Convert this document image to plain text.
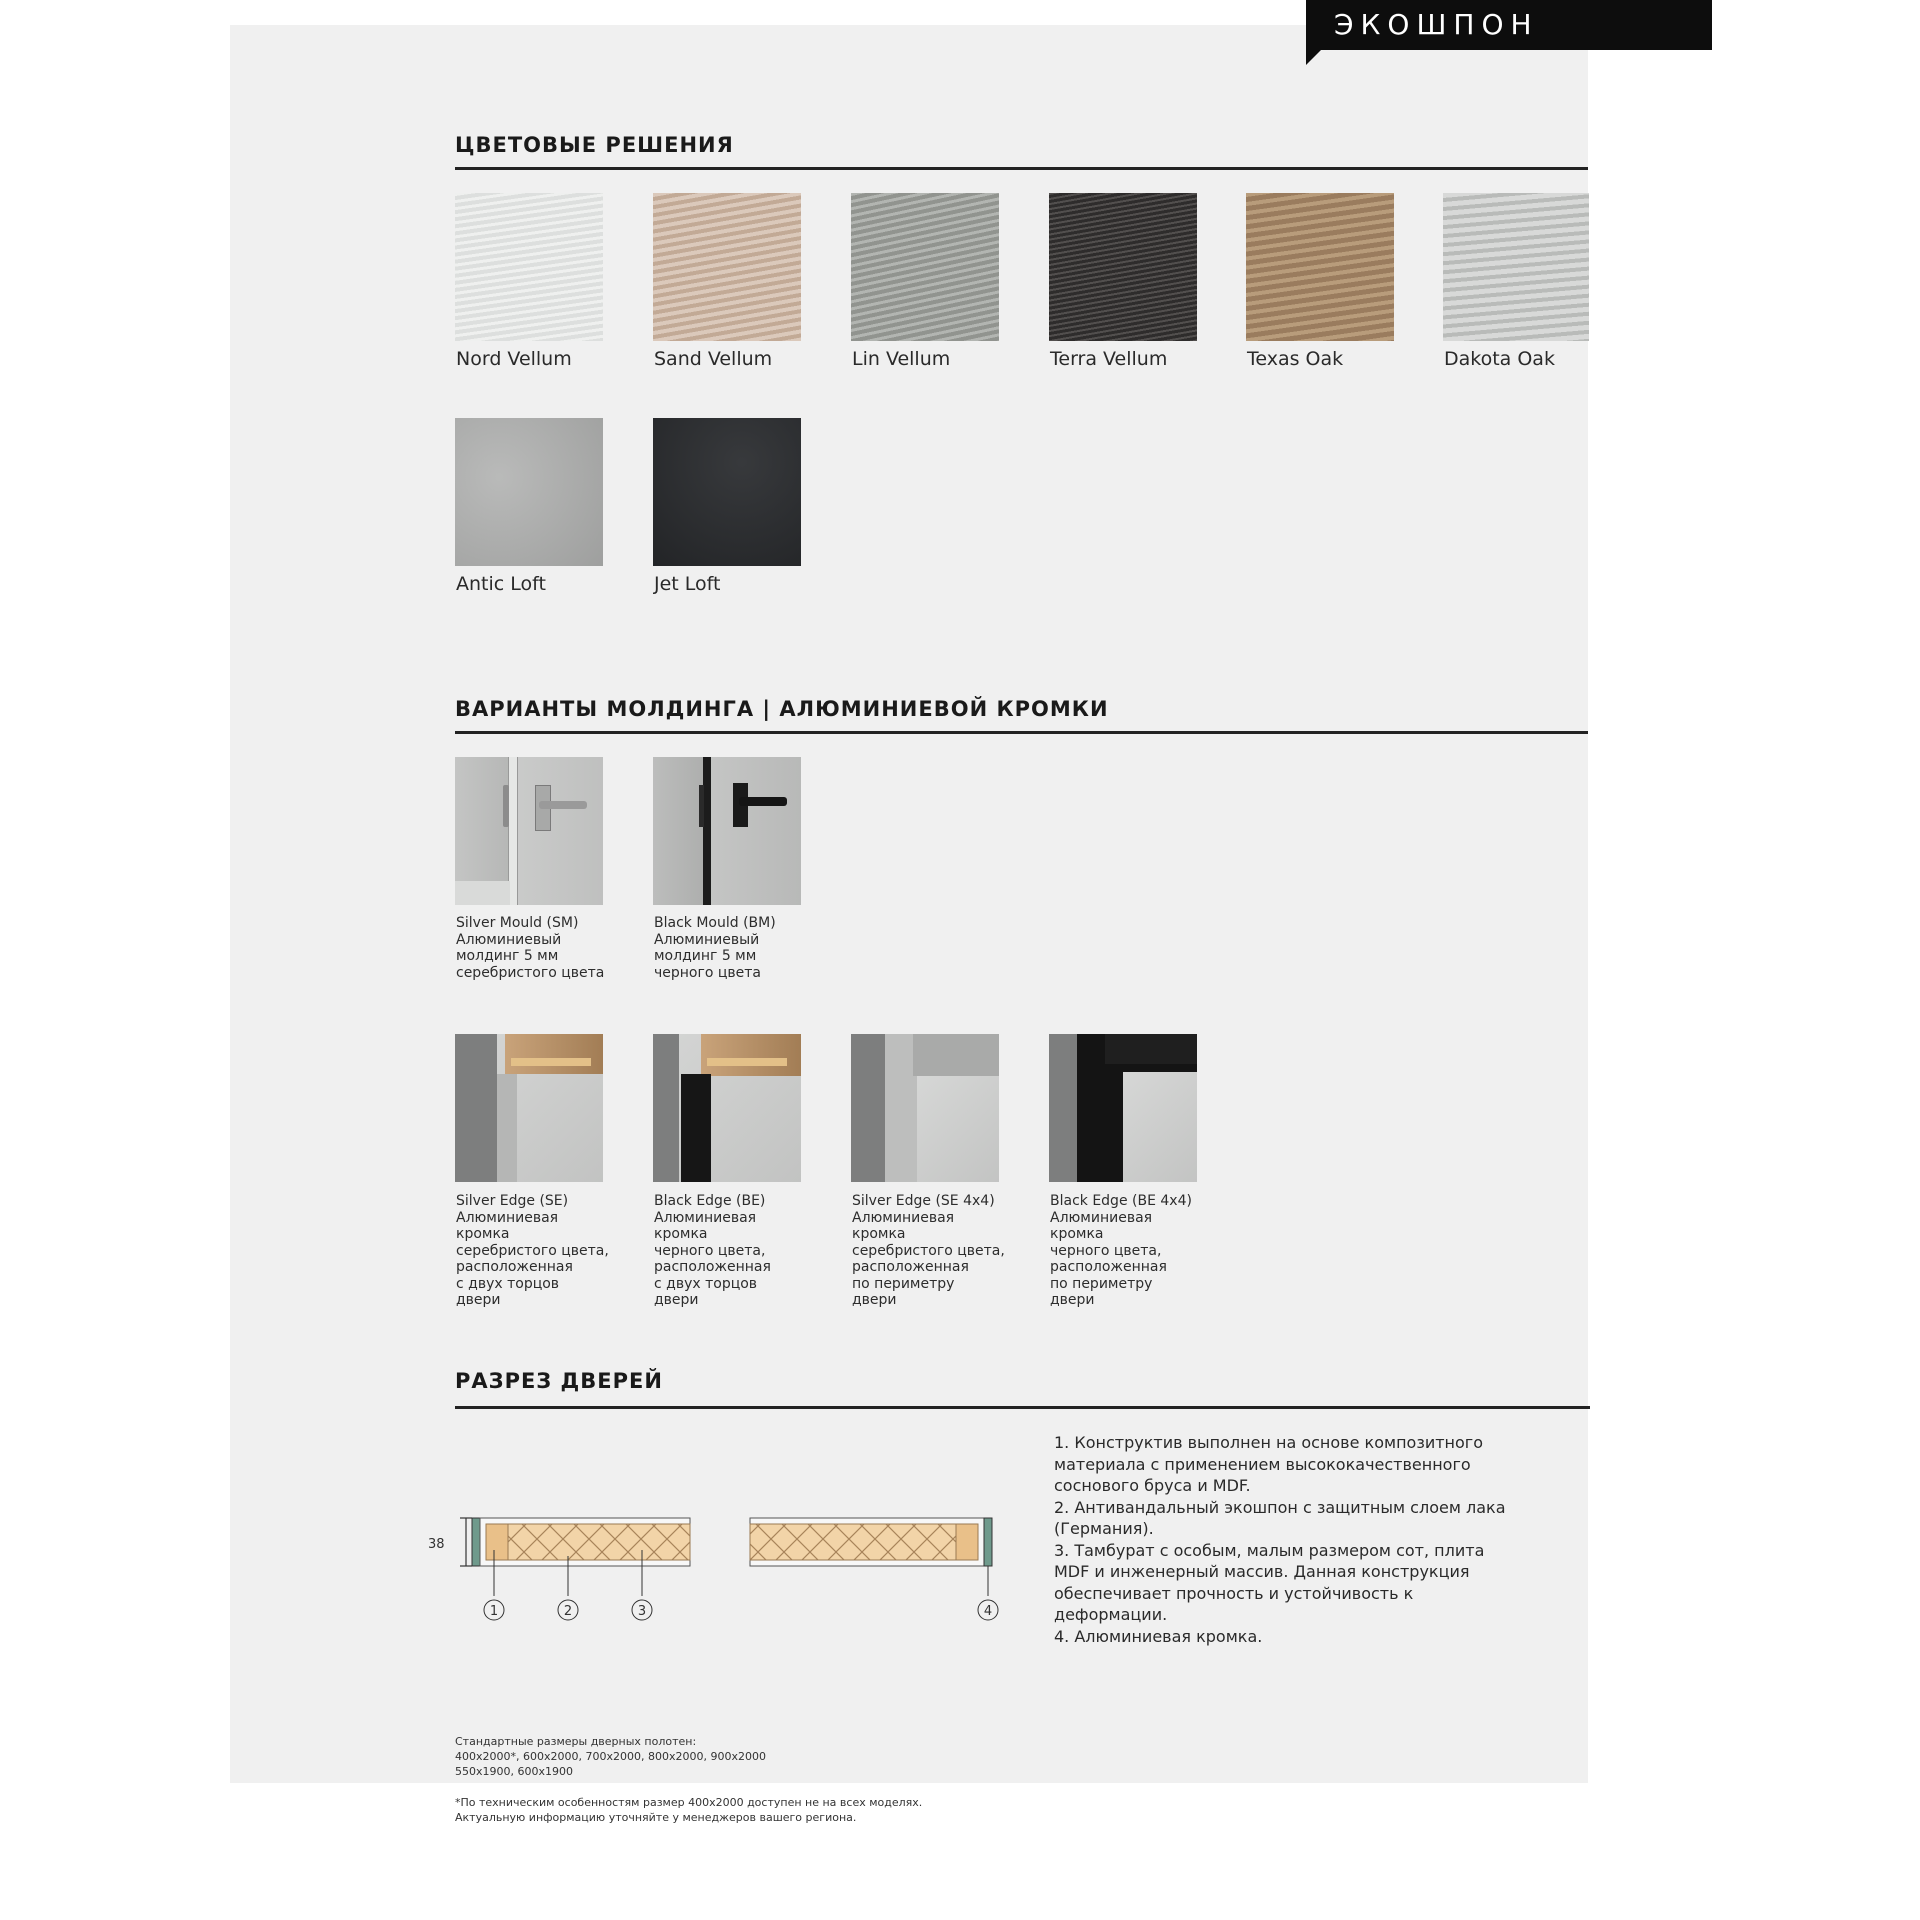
ЭКОШПОН
ЦВЕТОВЫЕ РЕШЕНИЯ
Nord Vellum	Sand Vellum	Lin Vellum	Terra Vellum	Texas Oak	Dakota Oak
Antic Loft	Jet Loft
ВАРИАНТЫ МОЛДИНГА | АЛЮМИНИЕВОЙ КРОМКИ
Silver Mould (SM)
Алюминиевый
молдинг 5 мм
серебристого цвета
Black Mould (BM)
Алюминиевый
молдинг 5 мм
черного цвета
Silver Edge (SE)
Алюминиевая
кромка
серебристого цвета,
расположенная
с двух торцов
двери
Black Edge (BE)
Алюминиевая
кромка
черного цвета,
расположенная
с двух торцов
двери
Silver Edge (SE 4x4)
Алюминиевая
кромка
серебристого цвета,
расположенная
по периметру
двери
Black Edge (BE 4x4)
Алюминиевая
кромка
черного цвета,
расположенная
по периметру
двери
РАЗРЕЗ ДВЕРЕЙ
38
1	2	3	4
1. Конструктив выполнен на основе композитного
материала с применением высококачественного
соснового бруса и MDF.
2. Антивандальный экошпон с защитным слоем лака
(Германия).
3. Тамбурат с особым, малым размером сот, плита
MDF и инженерный массив. Данная конструкция
обеспечивает прочность и устойчивость к
деформации.
4. Алюминиевая кромка.
Стандартные размеры дверных полотен:
400x2000*, 600x2000, 700x2000, 800x2000, 900x2000
550x1900, 600x1900
*По техническим особенностям размер 400x2000 доступен не на всех моделях.
Актуальную информацию уточняйте у менеджеров вашего региона.
